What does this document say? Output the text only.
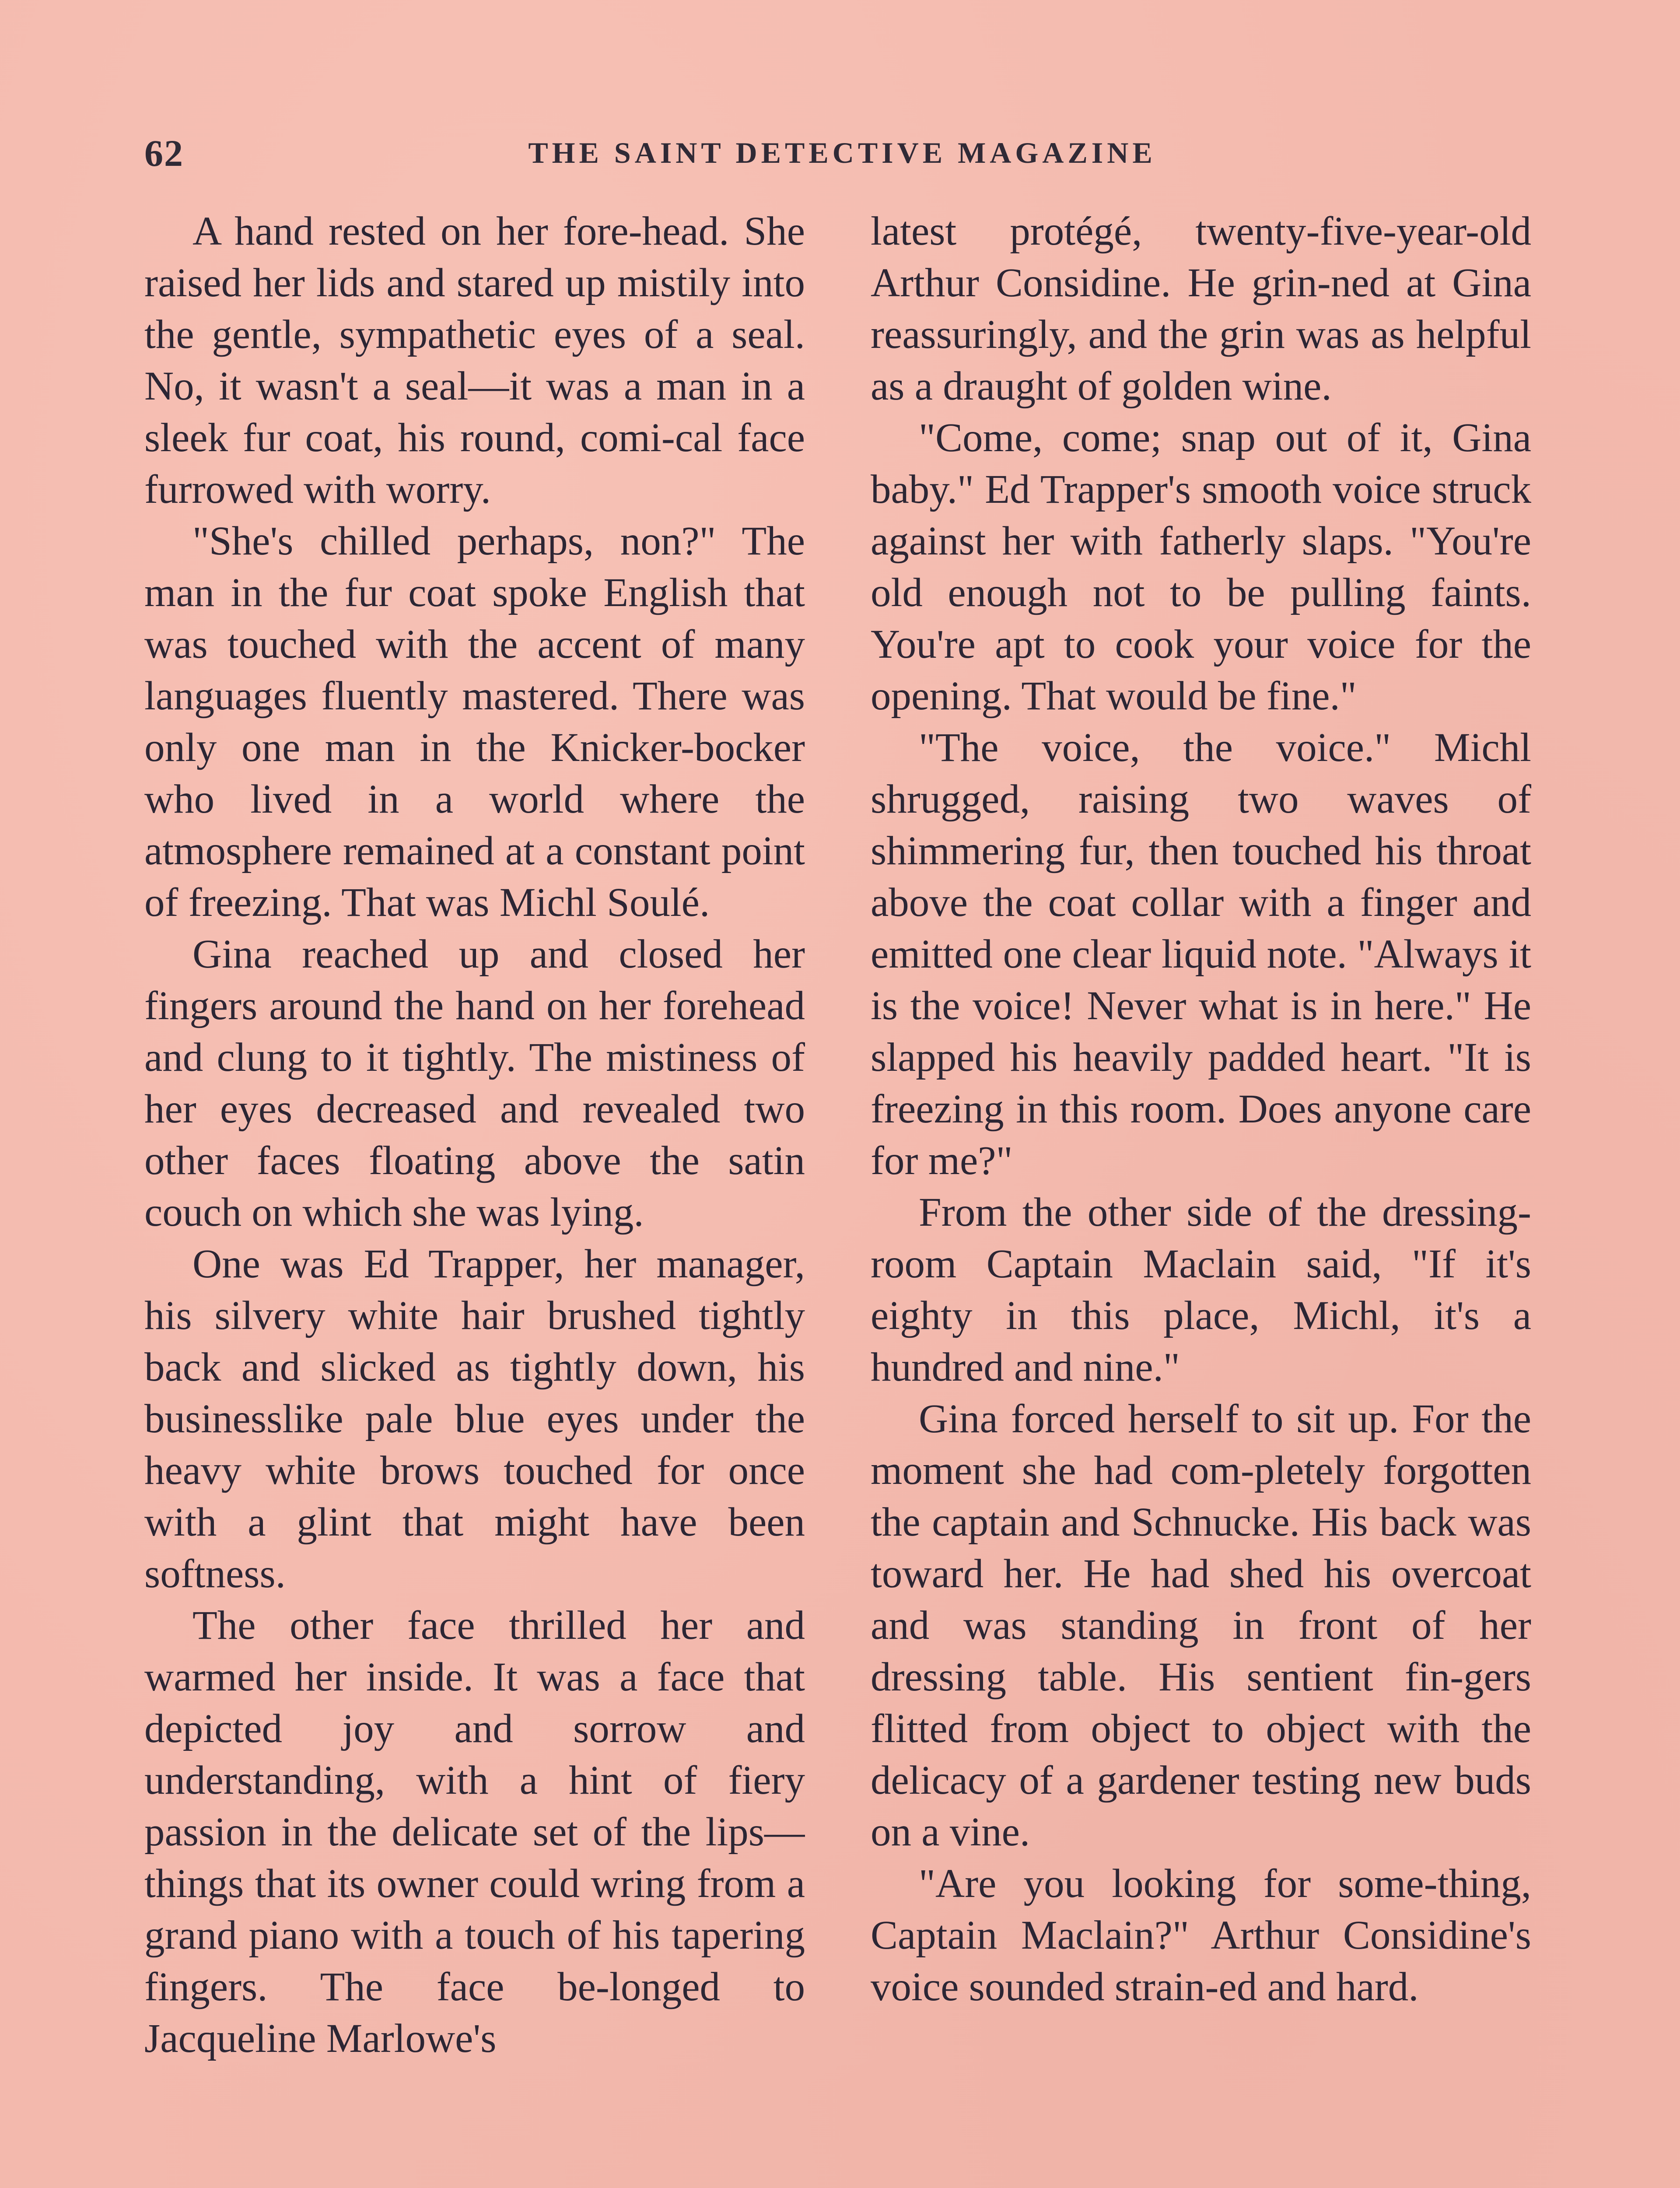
62	THE SAINT DETECTIVE MAGAZINE

A hand rested on her fore-head. She raised her lids and stared up mistily into the gentle, sympathetic eyes of a seal. No, it wasn't a seal—it was a man in a sleek fur coat, his round, comi-cal face furrowed with worry.

"She's chilled perhaps, non?" The man in the fur coat spoke English that was touched with the accent of many languages fluently mastered. There was only one man in the Knicker-bocker who lived in a world where the atmosphere remained at a constant point of freezing. That was Michl Soulé.

Gina reached up and closed her fingers around the hand on her forehead and clung to it tightly. The mistiness of her eyes decreased and revealed two other faces floating above the satin couch on which she was lying.

One was Ed Trapper, her manager, his silvery white hair brushed tightly back and slicked as tightly down, his businesslike pale blue eyes under the heavy white brows touched for once with a glint that might have been softness.

The other face thrilled her and warmed her inside. It was a face that depicted joy and sorrow and understanding, with a hint of fiery passion in the delicate set of the lips—things that its owner could wring from a grand piano with a touch of his tapering fingers. The face be-longed to Jacqueline Marlowe's

latest protégé, twenty-five-year-old Arthur Considine. He grin-ned at Gina reassuringly, and the grin was as helpful as a draught of golden wine.

"Come, come; snap out of it, Gina baby." Ed Trapper's smooth voice struck against her with fatherly slaps. "You're old enough not to be pulling faints. You're apt to cook your voice for the opening. That would be fine."

"The voice, the voice." Michl shrugged, raising two waves of shimmering fur, then touched his throat above the coat collar with a finger and emitted one clear liquid note. "Always it is the voice! Never what is in here." He slapped his heavily padded heart. "It is freezing in this room. Does anyone care for me?"

From the other side of the dressing-room Captain Maclain said, "If it's eighty in this place, Michl, it's a hundred and nine."

Gina forced herself to sit up. For the moment she had com-pletely forgotten the captain and Schnucke. His back was toward her. He had shed his overcoat and was standing in front of her dressing table. His sentient fin-gers flitted from object to object with the delicacy of a gardener testing new buds on a vine.

"Are you looking for some-thing, Captain Maclain?" Arthur Considine's voice sounded strain-ed and hard.
